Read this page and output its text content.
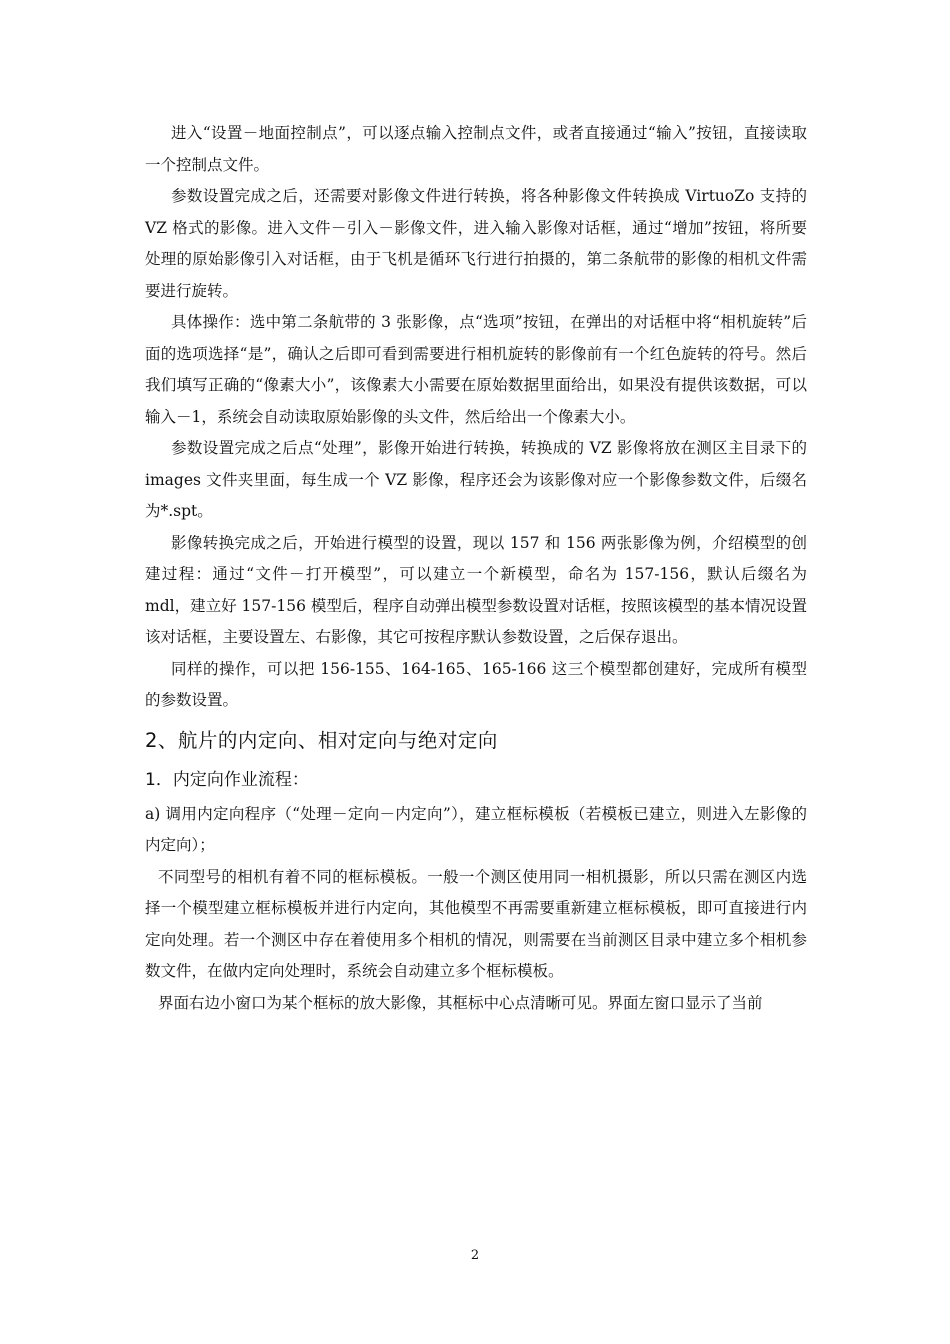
进入“设置－地面控制点”，可以逐点输入控制点文件，或者直接通过“输入”按钮，直接读取一个控制点文件。

参数设置完成之后，还需要对影像文件进行转换，将各种影像文件转换成 VirtuoZo 支持的 VZ 格式的影像。进入文件－引入－影像文件，进入输入影像对话框，通过“增加”按钮，将所要处理的原始影像引入对话框，由于飞机是循环飞行进行拍摄的，第二条航带的影像的相机文件需要进行旋转。

具体操作：选中第二条航带的 3 张影像，点“选项”按钮，在弹出的对话框中将“相机旋转”后面的选项选择“是”，确认之后即可看到需要进行相机旋转的影像前有一个红色旋转的符号。然后我们填写正确的“像素大小”，该像素大小需要在原始数据里面给出，如果没有提供该数据，可以输入－1，系统会自动读取原始影像的头文件，然后给出一个像素大小。

参数设置完成之后点“处理”，影像开始进行转换，转换成的 VZ 影像将放在测区主目录下的 images 文件夹里面，每生成一个 VZ 影像，程序还会为该影像对应一个影像参数文件，后缀名为*.spt。

影像转换完成之后，开始进行模型的设置，现以 157 和 156 两张影像为例，介绍模型的创建过程：通过“文件－打开模型”，可以建立一个新模型，命名为 157-156，默认后缀名为 mdl，建立好 157-156 模型后，程序自动弹出模型参数设置对话框，按照该模型的基本情况设置该对话框，主要设置左、右影像，其它可按程序默认参数设置，之后保存退出。

同样的操作，可以把 156-155、164-165、165-166 这三个模型都创建好，完成所有模型的参数设置。

2、航片的内定向、相对定向与绝对定向
1．内定向作业流程：

a) 调用内定向程序（“处理－定向－内定向”），建立框标模板（若模板已建立，则进入左影像的内定向）；

不同型号的相机有着不同的框标模板。一般一个测区使用同一相机摄影，所以只需在测区内选择一个模型建立框标模板并进行内定向，其他模型不再需要重新建立框标模板，即可直接进行内定向处理。若一个测区中存在着使用多个相机的情况，则需要在当前测区目录中建立多个相机参数文件，在做内定向处理时，系统会自动建立多个框标模板。

界面右边小窗口为某个框标的放大影像，其框标中心点清晰可见。界面左窗口显示了当前

2
